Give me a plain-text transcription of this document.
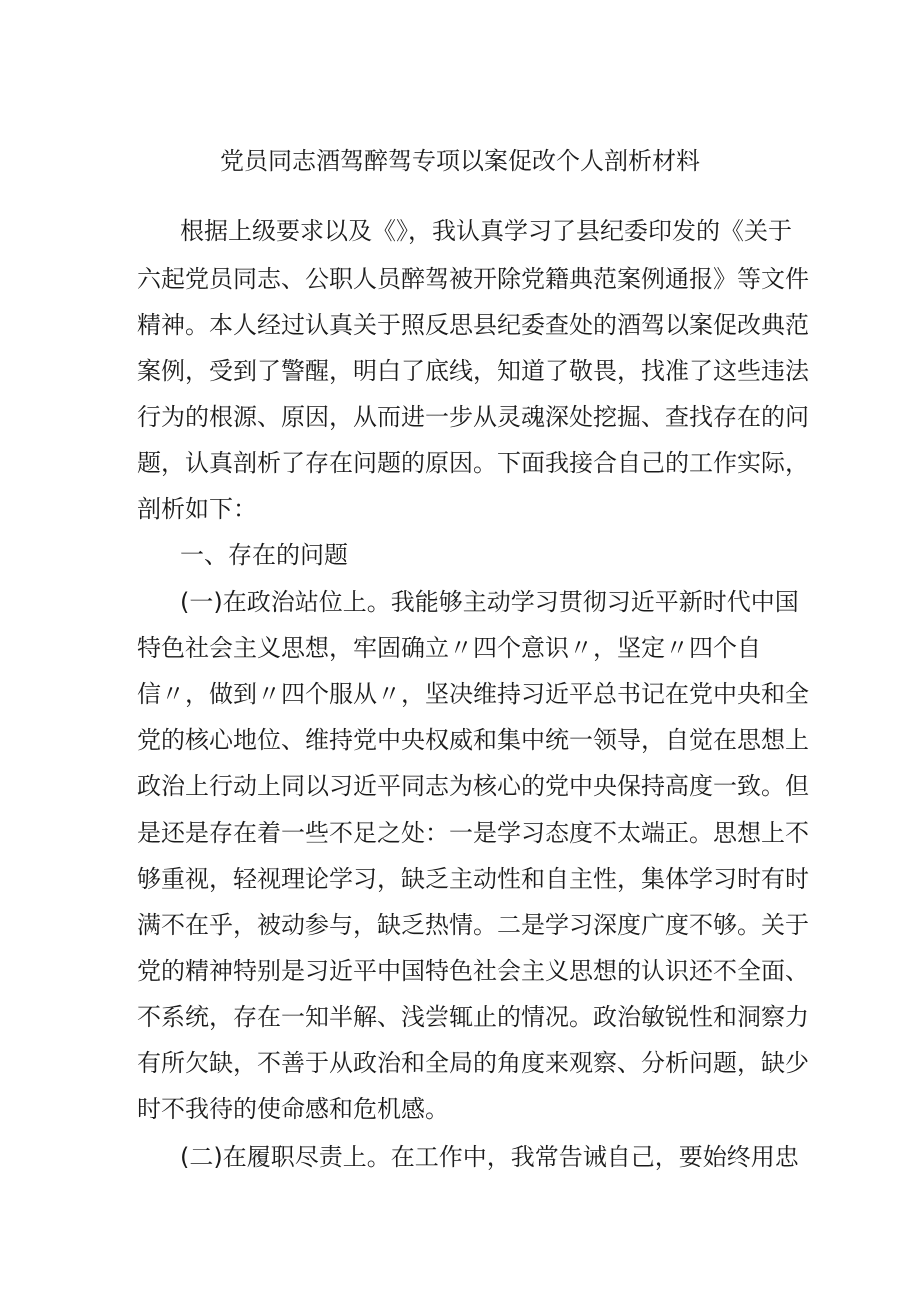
党员同志酒驾醉驾专项以案促改个人剖析材料
根据上级要求以及《》，我认真学习了县纪委印发的《关于
六起党员同志、公职人员醉驾被开除党籍典范案例通报》等文件
精神。本人经过认真关于照反思县纪委查处的酒驾以案促改典范
案例，受到了警醒，明白了底线，知道了敬畏，找准了这些违法
行为的根源、原因，从而进一步从灵魂深处挖掘、查找存在的问
题，认真剖析了存在问题的原因。下面我接合自己的工作实际，
剖析如下：
一、存在的问题
(一)在政治站位上。我能够主动学习贯彻习近平新时代中国
特色社会主义思想，牢固确立〃四个意识〃，坚定〃四个自
信〃，做到〃四个服从〃，坚决维持习近平总书记在党中央和全
党的核心地位、维持党中央权威和集中统一领导，自觉在思想上
政治上行动上同以习近平同志为核心的党中央保持高度一致。但
是还是存在着一些不足之处：一是学习态度不太端正。思想上不
够重视，轻视理论学习，缺乏主动性和自主性，集体学习时有时
满不在乎，被动参与，缺乏热情。二是学习深度广度不够。关于
党的精神特别是习近平中国特色社会主义思想的认识还不全面、
不系统，存在一知半解、浅尝辄止的情况。政治敏锐性和洞察力
有所欠缺，不善于从政治和全局的角度来观察、分析问题，缺少
时不我待的使命感和危机感。
(二)在履职尽责上。在工作中，我常告诫自己，要始终用忠
